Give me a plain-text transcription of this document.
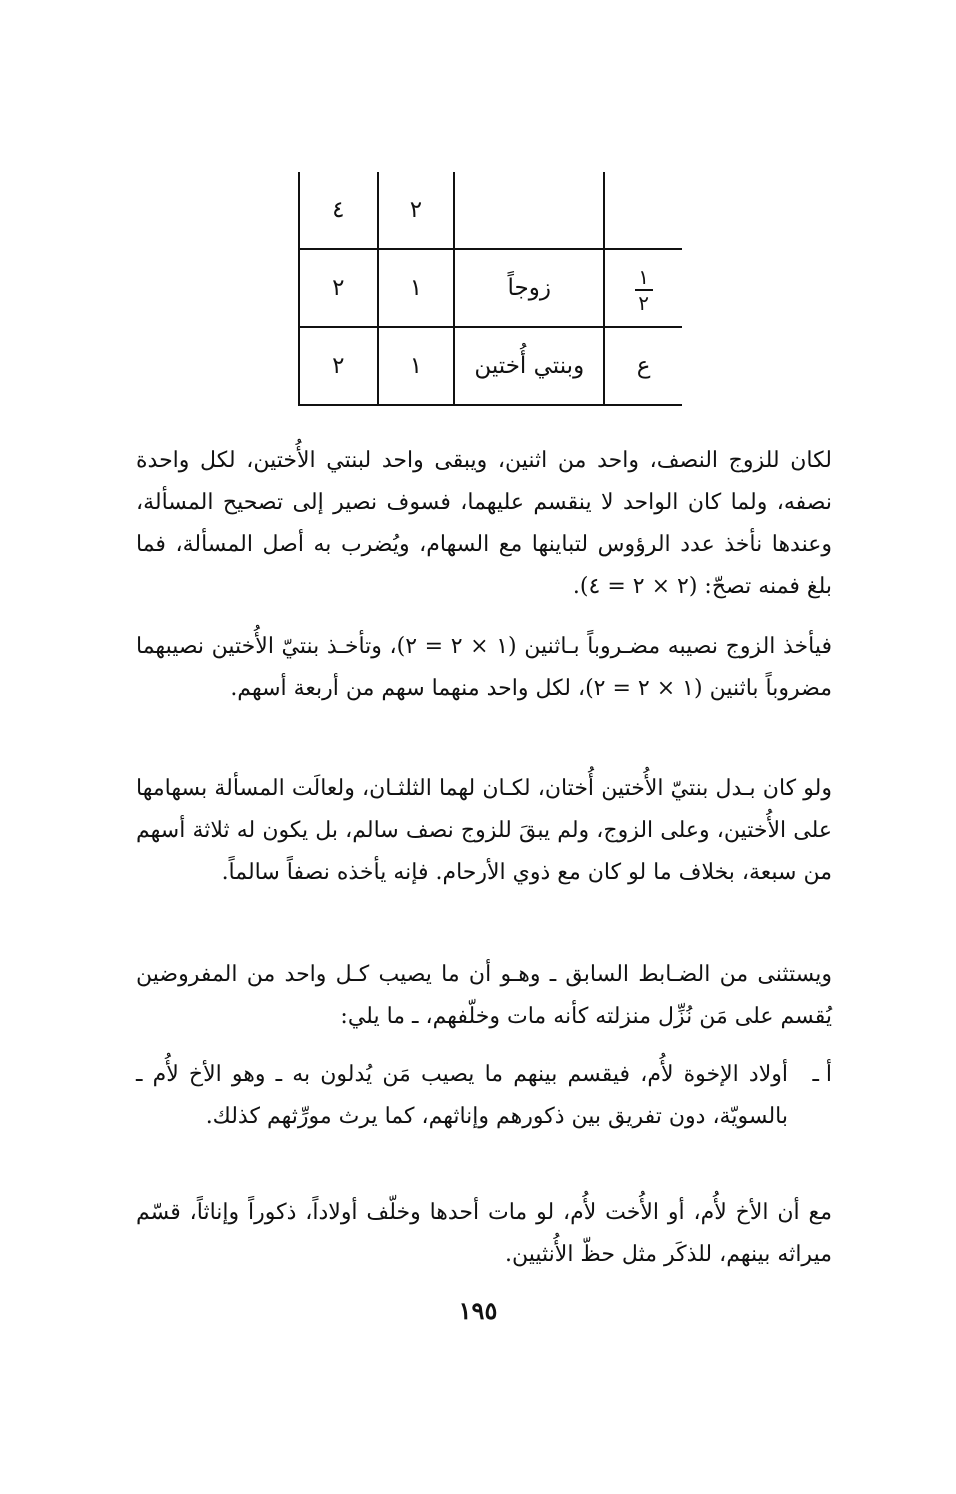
٤	٢		
٢	١	زوجاً	$\frac{١}{٢}$

٢	١	وبنتي أُختين	ع

لكان للزوج النصف، واحد من اثنين، ويبقى واحد لبنتي الأُختين، لكل واحدة نصفه، ولما كان الواحد لا ينقسم عليهما، فسوف نصير إلى تصحيح المسألة، وعندها نأخذ عدد الرؤوس لتباينها مع السهام، ويُضرب به أصل المسألة، فما بلغ فمنه تصحّ: (٢ × ٢ = ٤).

فيأخذ الزوج نصيبه مضـروباً بـاثنين (١ × ٢ = ٢)، وتأخـذ بنتيّ الأُختين نصيبهما مضروباً باثنين (١ × ٢ = ٢)، لكل واحد منهما سهم من أربعة أسهم.

ولو كان بـدل بنتيّ الأُختين أُختان، لكـان لهما الثلثـان، ولعالَت المسألة بسهامها على الأُختين، وعلى الزوج، ولم يبقَ للزوج نصف سالم، بل يكون له ثلاثة أسهم من سبعة، بخلاف ما لو كان مع ذوي الأرحام. فإنه يأخذه نصفاً سالماً.

ويستثنى من الضـابط السابق ـ وهـو أن ما يصيب كـل واحد من المفروضين يُقسم على مَن نُزِّل منزلته كأنه مات وخلّفهم، ـ ما يلي:

أ ـ

أولاد الإخوة لأُم، فيقسم بينهم ما يصيب مَن يُدلون به ـ وهو الأخ لأُم ـ بالسويّة، دون تفريق بين ذكورهم وإناثهم، كما يرث مورِّثهم كذلك.

مع أن الأخ لأُم، أو الأُخت لأُم، لو مات أحدها وخلّف أولاداً، ذكوراً وإناثاً، قسّم ميراثه بينهم، للذكَر مثل حظّ الأُنثيين.

١٩٥
